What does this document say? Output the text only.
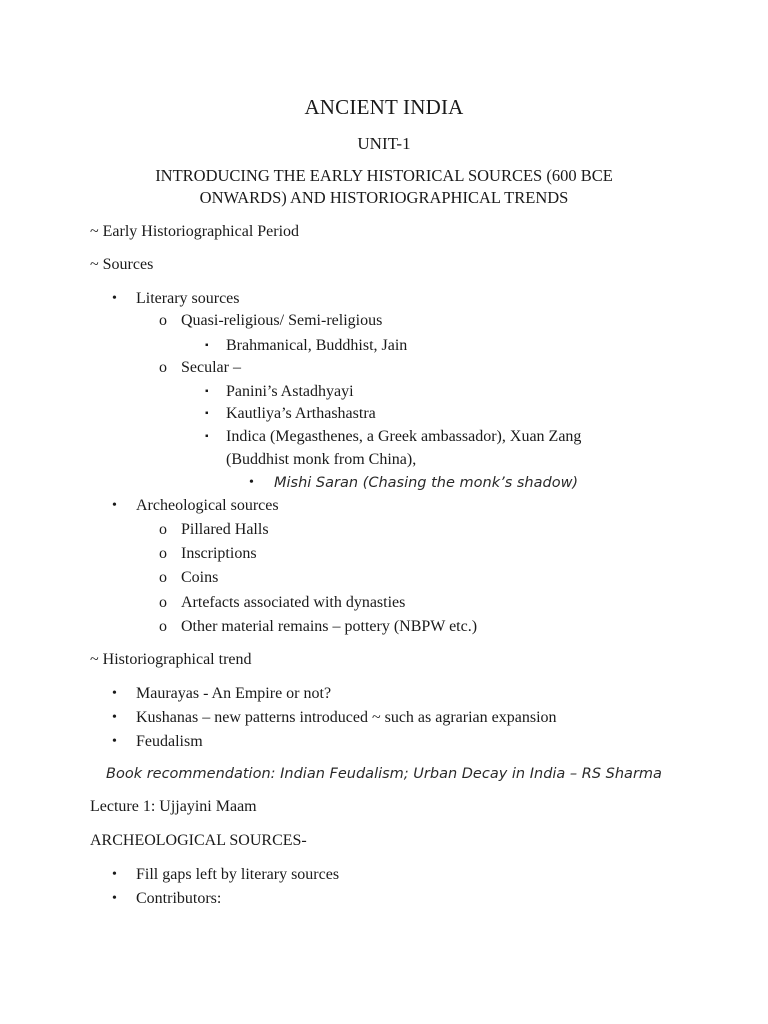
ANCIENT INDIA
UNIT-1
INTRODUCING THE EARLY HISTORICAL SOURCES (600 BCE
ONWARDS) AND HISTORIOGRAPHICAL TRENDS
~ Early Historiographical Period
~ Sources
• Literary sources
o Quasi-religious/ Semi-religious
▪ Brahmanical, Buddhist, Jain
o Secular –
▪ Panini’s Astadhyayi
▪ Kautliya’s Arthashastra
▪ Indica (Megasthenes, a Greek ambassador), Xuan Zang
(Buddhist monk from China),
• Mishi Saran (Chasing the monk’s shadow)
• Archeological sources
o Pillared Halls
o Inscriptions
o Coins
o Artefacts associated with dynasties
o Other material remains – pottery (NBPW etc.)
~ Historiographical trend
• Maurayas - An Empire or not?
• Kushanas – new patterns introduced ~ such as agrarian expansion
• Feudalism
Book recommendation: Indian Feudalism; Urban Decay in India – RS Sharma
Lecture 1: Ujjayini Maam
ARCHEOLOGICAL SOURCES-
• Fill gaps left by literary sources
• Contributors:
